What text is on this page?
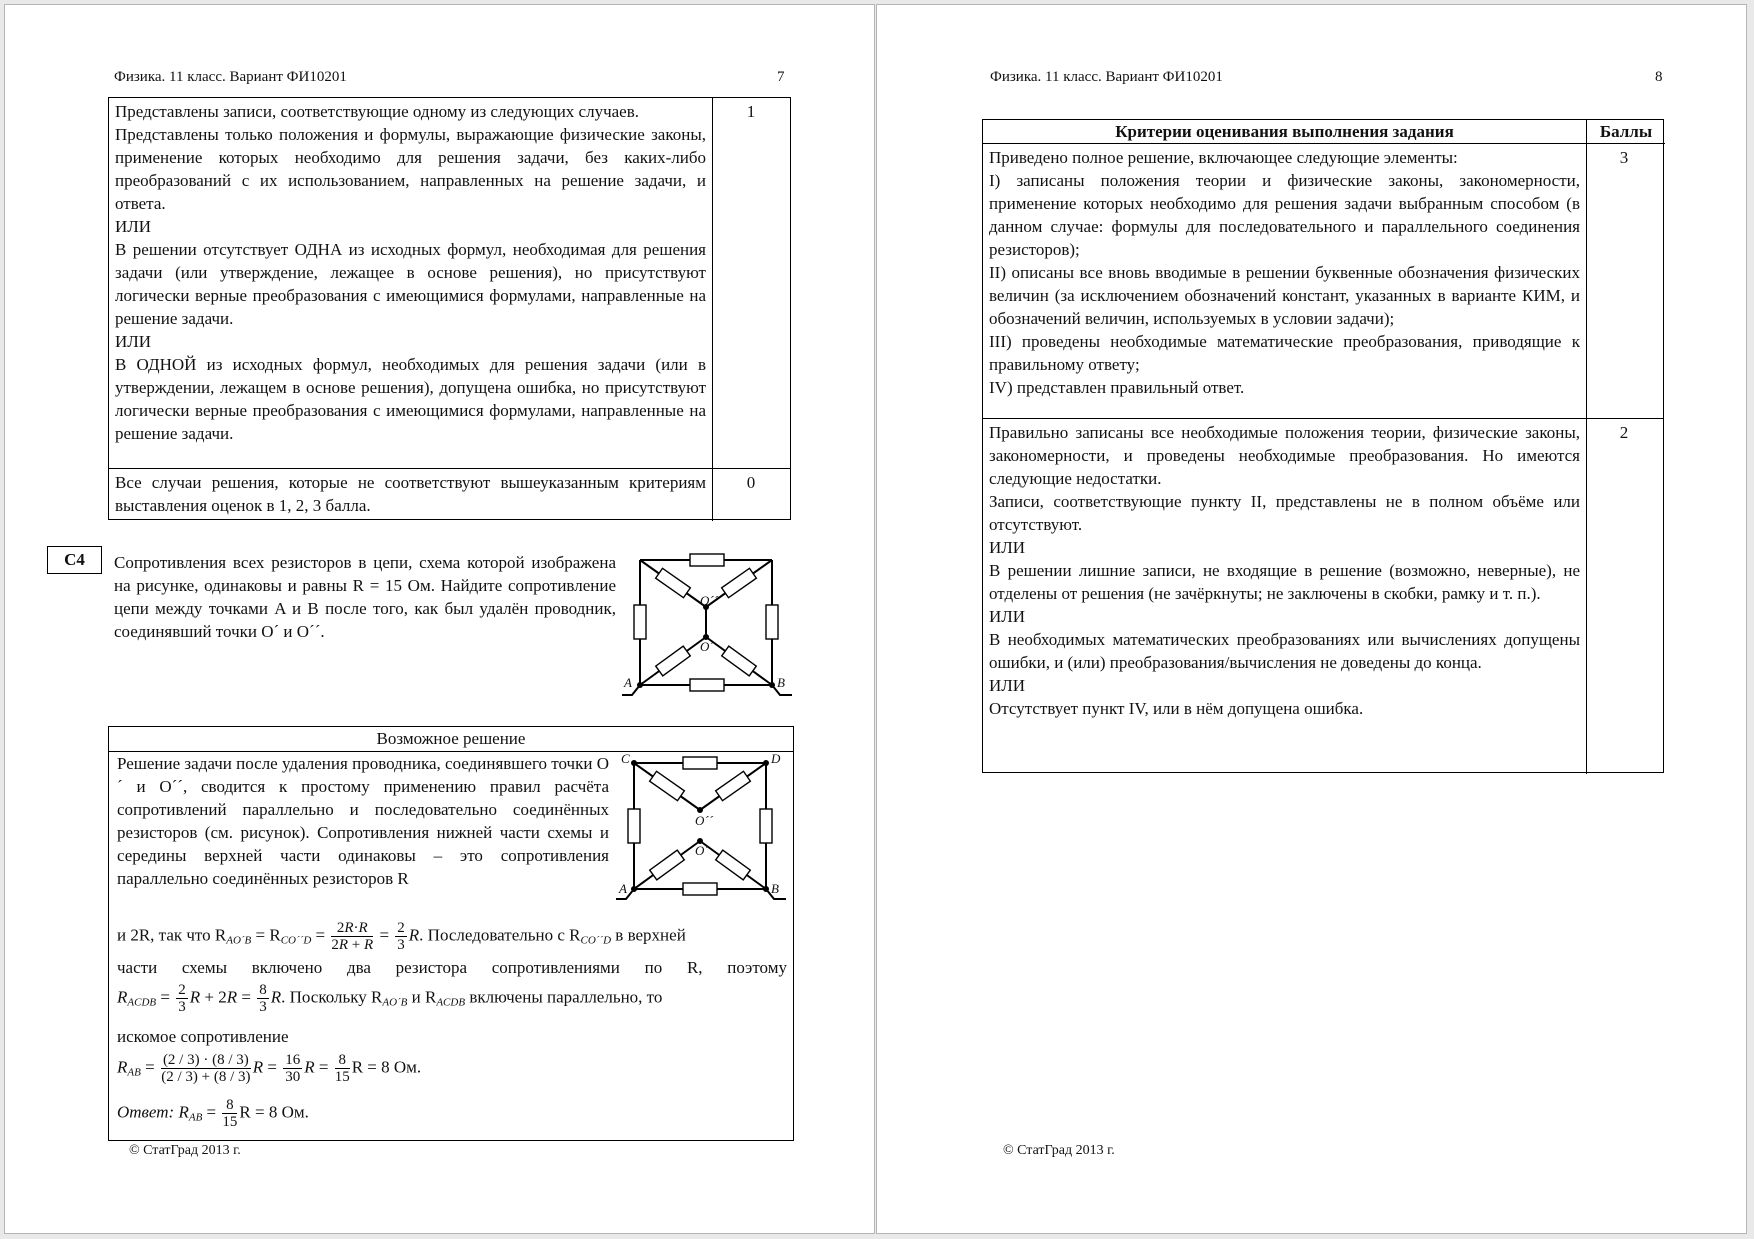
Физика. 11 класс. Вариант ФИ10201	7
Представлены записи, соответствующие одному из следующих случаев.
Представлены только положения и формулы, выражающие физические законы, применение которых необходимо для решения задачи, без каких-либо преобразований с их использованием, направленных на решение задачи, и ответа.
ИЛИ
В решении отсутствует ОДНА из исходных формул, необходимая для решения задачи (или утверждение, лежащее в основе решения), но присутствуют логически верные преобразования с имеющимися формулами, направленные на решение задачи.
ИЛИ
В ОДНОЙ из исходных формул, необходимых для решения задачи (или в утверждении, лежащем в основе решения), допущена ошибка, но присутствуют логически верные преобразования с имеющимися формулами, направленные на решение задачи.
1
Все случаи решения, которые не соответствуют вышеуказанным критериям выставления оценок в 1, 2, 3 балла.
0
C4	Сопротивления всех резисторов в цепи, схема которой изображена на рисунке, одинаковы и равны R = 15 Ом. Найдите сопротивление цепи между точками A и B после того, как был удалён проводник, соединявший точки O´ и O´´.
O´´
O´
A	B
Возможное решение
Решение задачи после удаления проводника, соединявшего точки O´ и O´´, сводится к простому применению правил расчёта сопротивлений параллельно и последовательно соединённых резисторов (см. рисунок). Сопротивления нижней части схемы и середины верхней части одинаковы – это сопротивления параллельно соединённых резисторов R
C	D
O´´
O´
A	B
и 2R, так что $R_{AO´B} = R_{CO´´D} = \frac{2R\cdot R}{2R + R} = \frac{2}{3} R$. Последовательно с $R_{CO´´D}$ в верхней
части схемы включено два резистора сопротивлениями по R, поэтому
$R_{ACDB} = \frac{2}{3}$ $R + 2R = \frac{8}{3} R$. Поскольку $R_{AO´B}$ и $R_{ACDB}$ включены параллельно, то
искомое сопротивление
$R_{AB} = \frac{(2 / 3) \cdot (8 / 3)}{(2 / 3) + (8 / 3)}$ $R = \frac{16}{30}$ $R = \frac{8}{15}$ R = 8 Ом.
Ответ: $R_{AB} = \frac{8}{15}$ R = 8 Ом.
© СтатГрад 2013 г.
Физика. 11 класс. Вариант ФИ10201	8
Критерии оценивания выполнения задания	Баллы
Приведено полное решение, включающее следующие элементы:
I) записаны положения теории и физические законы, закономерности, применение которых необходимо для решения задачи выбранным способом (в данном случае: формулы для последовательного и параллельного соединения резисторов);
II) описаны все вновь вводимые в решении буквенные обозначения физических величин (за исключением обозначений констант, указанных в варианте КИМ, и обозначений величин, используемых в условии задачи);
III) проведены необходимые математические преобразования, приводящие к правильному ответу;
IV) представлен правильный ответ.
3
Правильно записаны все необходимые положения теории, физические законы, закономерности, и проведены необходимые преобразования. Но имеются следующие недостатки.
Записи, соответствующие пункту II, представлены не в полном объёме или отсутствуют.
ИЛИ
В решении лишние записи, не входящие в решение (возможно, неверные), не отделены от решения (не зачёркнуты; не заключены в скобки, рамку и т. п.).
ИЛИ
В необходимых математических преобразованиях или вычислениях допущены ошибки, и (или) преобразования/вычисления не доведены до конца.
ИЛИ
Отсутствует пункт IV, или в нём допущена ошибка.
2
© СтатГрад 2013 г.
